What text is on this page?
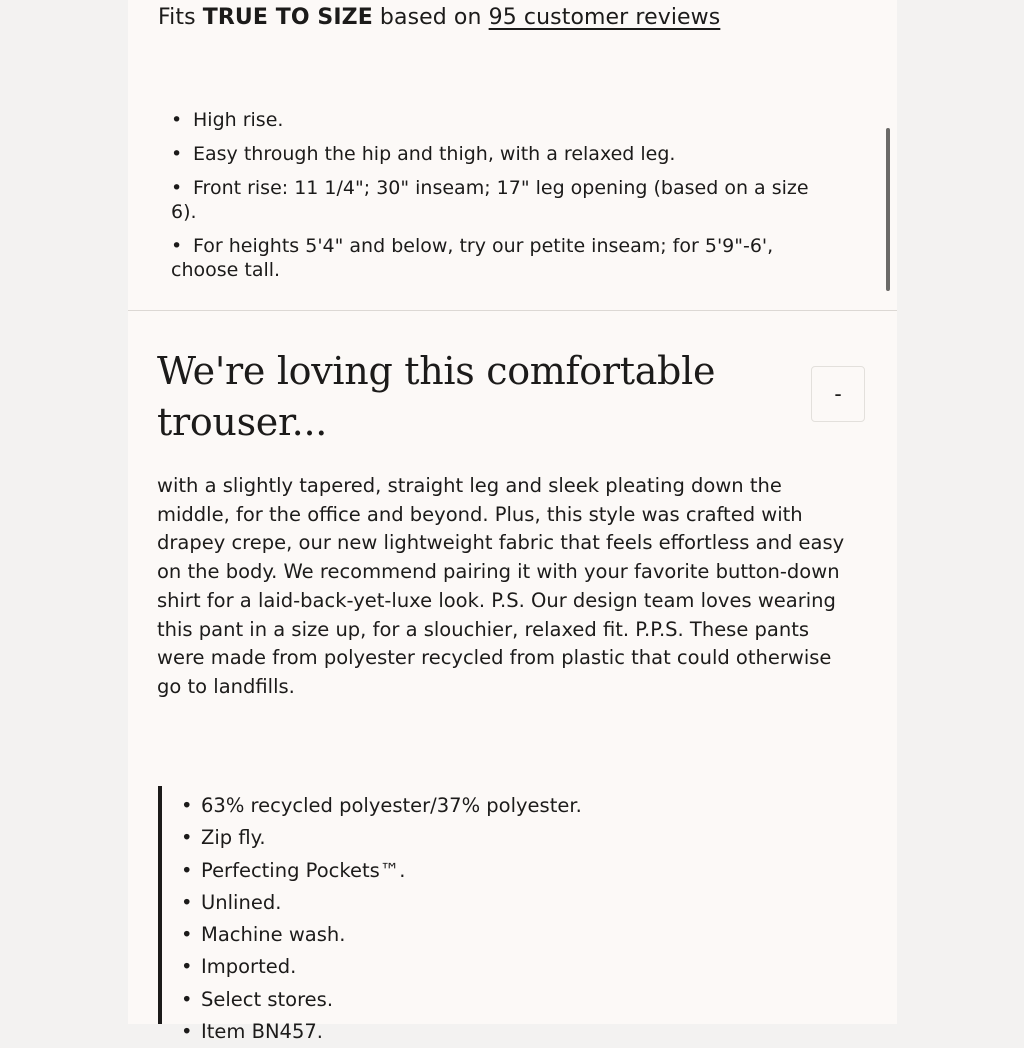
Fits TRUE TO SIZE based on 95 customer reviews
• High rise.
• Easy through the hip and thigh, with a relaxed leg.
• Front rise: 11 1/4"; 30" inseam; 17" leg opening (based on a size
6).
• For heights 5'4" and below, try our petite inseam; for 5'9"-6',
choose tall.
We're loving this comfortable trouser...
-

with a slightly tapered, straight leg and sleek pleating down the middle, for the office and beyond. Plus, this style was crafted with drapey crepe, our new lightweight fabric that feels effortless and easy on the body. We recommend pairing it with your favorite button-down shirt for a laid-back-yet-luxe look. P.S. Our design team loves wearing this pant in a size up, for a slouchier, relaxed fit. P.P.S. These pants were made from polyester recycled from plastic that could otherwise go to landfills.

• 63% recycled polyester/37% polyester.
• Zip fly.
• Perfecting Pockets™.
• Unlined.
• Machine wash.
• Imported.
• Select stores.
• Item BN457.
